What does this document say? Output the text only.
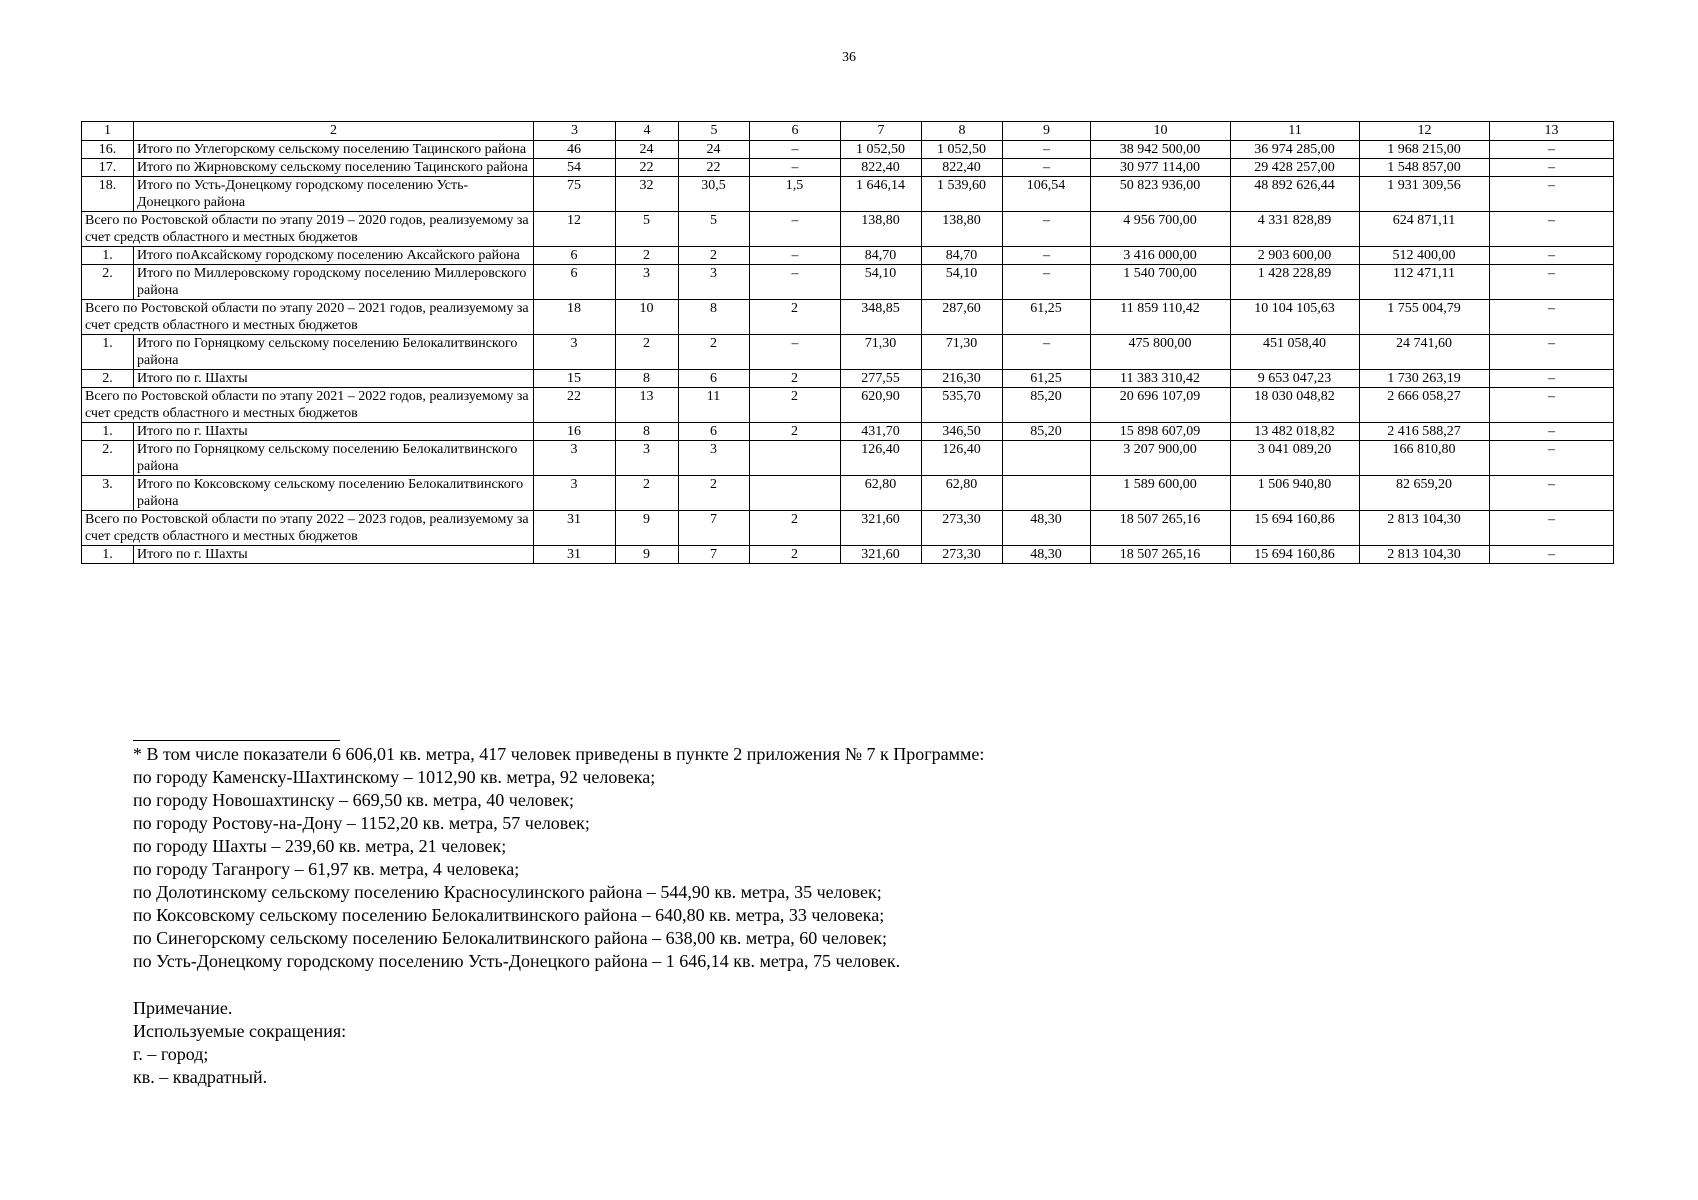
36
1	2	3	4	5	6	7	8	9	10	11	12	13
16.	Итого по Углегорскому сельскому поселению Тацинского района	46	24	24	–	1 052,50	1 052,50	–	38 942 500,00	36 974 285,00	1 968 215,00	–
17.	Итого по Жирновскому сельскому поселению Тацинского района	54	22	22	–	822,40	822,40	–	30 977 114,00	29 428 257,00	1 548 857,00	–
18.	Итого по Усть-Донецкому городскому поселению Усть-Донецкого района	75	32	30,5	1,5	1 646,14	1 539,60	106,54	50 823 936,00	48 892 626,44	1 931 309,56	–
Всего по Ростовской области по этапу 2019 – 2020 годов, реализуемому за счет средств областного и местных бюджетов		12	5	5	–	138,80	138,80	–	4 956 700,00	4 331 828,89	624 871,11	–
1.	Итого поАксайскому городскому поселению Аксайского района	6	2	2	–	84,70	84,70	–	3 416 000,00	2 903 600,00	512 400,00	–
2.	Итого по Миллеровскому городскому поселению Миллеровского района	6	3	3	–	54,10	54,10	–	1 540 700,00	1 428 228,89	112 471,11	–
Всего по Ростовской области по этапу 2020 – 2021 годов, реализуемому за счет средств областного и местных бюджетов		18	10	8	2	348,85	287,60	61,25	11 859 110,42	10 104 105,63	1 755 004,79	–
1.	Итого по Горняцкому сельскому поселению Белокалитвинского района	3	2	2	–	71,30	71,30	–	475 800,00	451 058,40	24 741,60	–
2.	Итого по г. Шахты	15	8	6	2	277,55	216,30	61,25	11 383 310,42	9 653 047,23	1 730 263,19	–
Всего по Ростовской области по этапу 2021 – 2022 годов, реализуемому за счет средств областного и местных бюджетов		22	13	11	2	620,90	535,70	85,20	20 696 107,09	18 030 048,82	2 666 058,27	–
1.	Итого по г. Шахты	16	8	6	2	431,70	346,50	85,20	15 898 607,09	13 482 018,82	2 416 588,27	–
2.	Итого по Горняцкому сельскому поселению Белокалитвинского района	3	3	3		126,40	126,40		3 207 900,00	3 041 089,20	166 810,80	–
3.	Итого по Коксовскому сельскому поселению Белокалитвинского района	3	2	2		62,80	62,80		1 589 600,00	1 506 940,80	82 659,20	–
Всего по Ростовской области по этапу 2022 – 2023 годов, реализуемому за счет средств областного и местных бюджетов		31	9	7	2	321,60	273,30	48,30	18 507 265,16	15 694 160,86	2 813 104,30	–
1.	Итого по г. Шахты	31	9	7	2	321,60	273,30	48,30	18 507 265,16	15 694 160,86	2 813 104,30	–
* В том числе показатели 6 606,01 кв. метра, 417 человек приведены в пункте 2 приложения № 7 к Программе:
по городу Каменску-Шахтинскому – 1012,90 кв. метра, 92 человека;
по городу Новошахтинску – 669,50 кв. метра, 40 человек;
по городу Ростову-на-Дону – 1152,20 кв. метра, 57 человек;
по городу Шахты – 239,60 кв. метра, 21 человек;
по городу Таганрогу – 61,97 кв. метра, 4 человека;
по Долотинскому сельскому поселению Красносулинского района – 544,90 кв. метра, 35 человек;
по Коксовскому сельскому поселению Белокалитвинского района – 640,80 кв. метра, 33 человека;
по Синегорскому сельскому поселению Белокалитвинского района – 638,00 кв. метра, 60 человек;
по Усть-Донецкому городскому поселению Усть-Донецкого района – 1 646,14 кв. метра, 75 человек.
Примечание.
Используемые сокращения:
г. – город;
кв. – квадратный.
